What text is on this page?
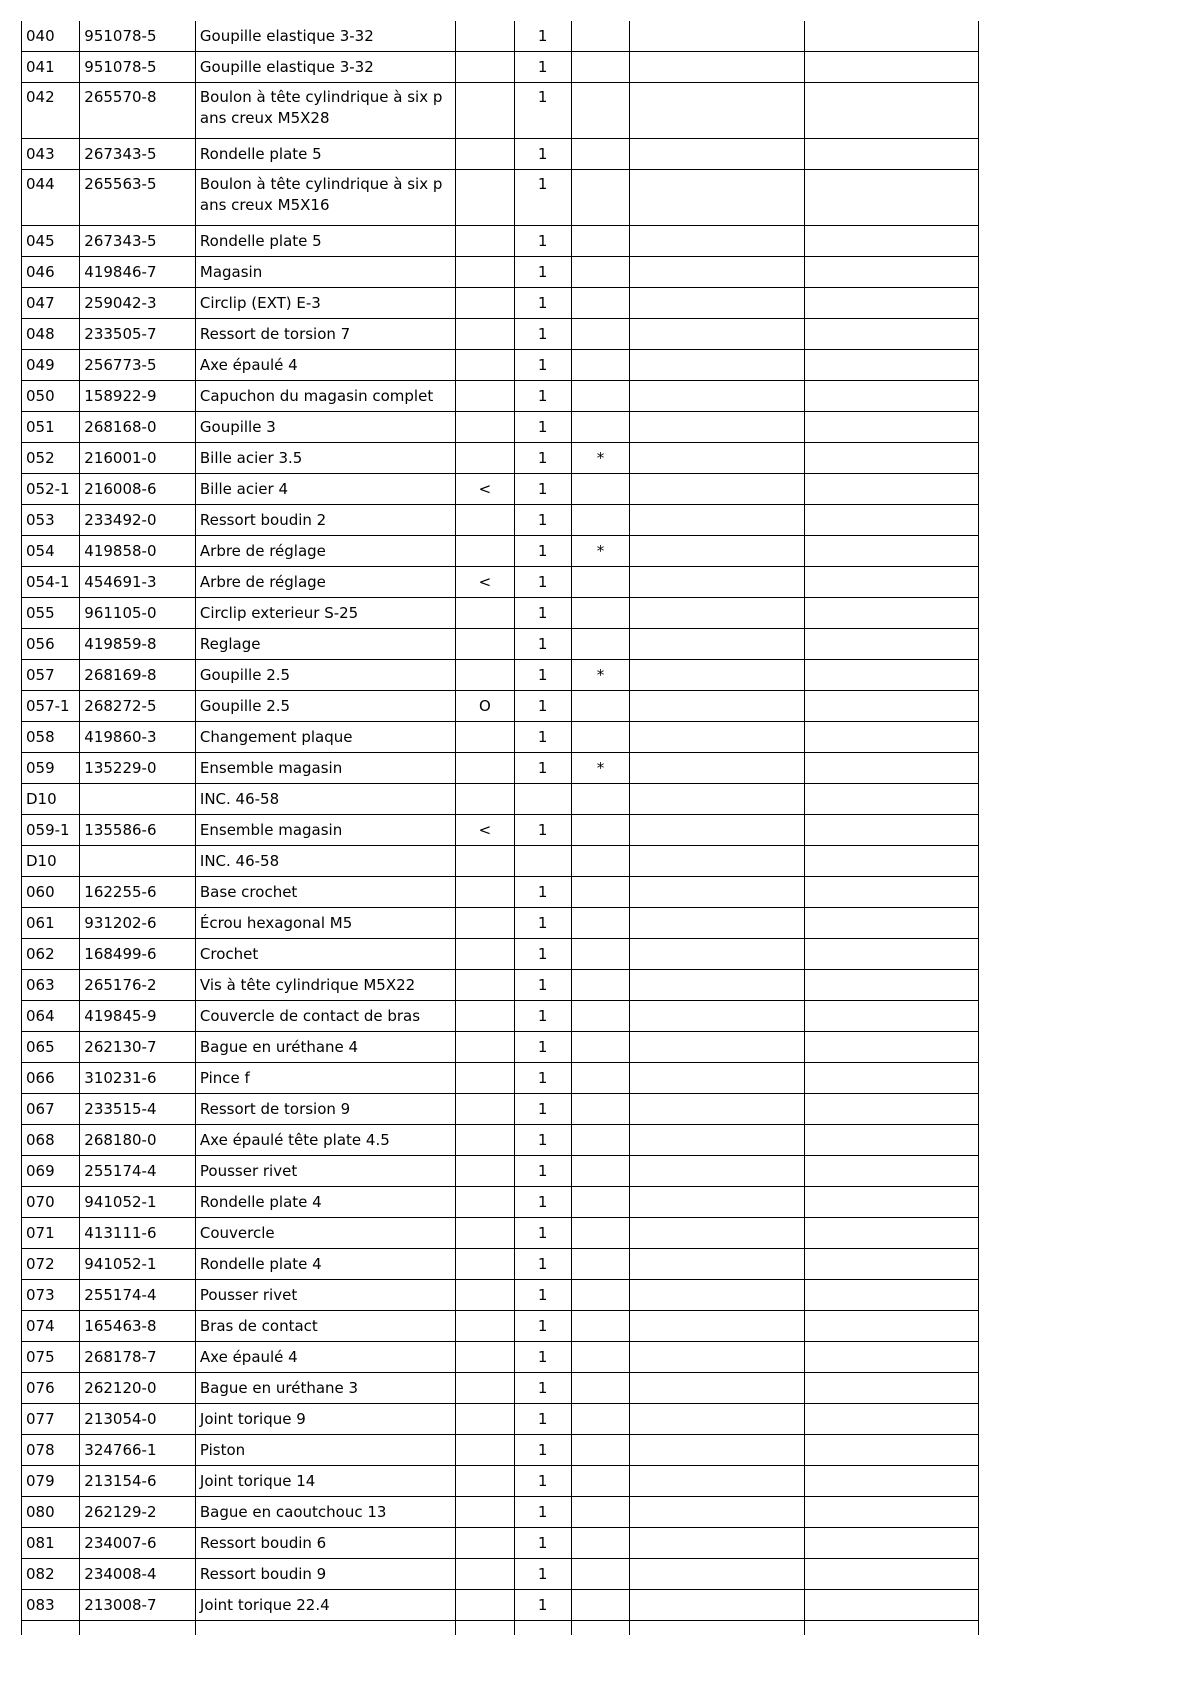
040	951078-5	Goupille elastique 3-32		1			
041	951078-5	Goupille elastique 3-32		1			
042	265570-8	Boulon à tête cylindrique à six pans creux M5X28		1			
043	267343-5	Rondelle plate 5		1			
044	265563-5	Boulon à tête cylindrique à six pans creux M5X16		1			
045	267343-5	Rondelle plate 5		1			
046	419846-7	Magasin		1			
047	259042-3	Circlip (EXT) E-3		1			
048	233505-7	Ressort de torsion 7		1			
049	256773-5	Axe épaulé 4		1			
050	158922-9	Capuchon du magasin complet		1			
051	268168-0	Goupille 3		1			
052	216001-0	Bille acier 3.5		1	*		
052-1	216008-6	Bille acier 4	<	1			
053	233492-0	Ressort boudin 2		1			
054	419858-0	Arbre de réglage		1	*		
054-1	454691-3	Arbre de réglage	<	1			
055	961105-0	Circlip exterieur S-25		1			
056	419859-8	Reglage		1			
057	268169-8	Goupille 2.5		1	*		
057-1	268272-5	Goupille 2.5	O	1			
058	419860-3	Changement plaque		1			
059	135229-0	Ensemble magasin		1	*		
D10		INC. 46-58					
059-1	135586-6	Ensemble magasin	<	1			
D10		INC. 46-58					
060	162255-6	Base crochet		1			
061	931202-6	Écrou hexagonal M5		1			
062	168499-6	Crochet		1			
063	265176-2	Vis à tête cylindrique M5X22		1			
064	419845-9	Couvercle de contact de bras		1			
065	262130-7	Bague en uréthane 4		1			
066	310231-6	Pince f		1			
067	233515-4	Ressort de torsion 9		1			
068	268180-0	Axe épaulé tête plate 4.5		1			
069	255174-4	Pousser rivet		1			
070	941052-1	Rondelle plate 4		1			
071	413111-6	Couvercle		1			
072	941052-1	Rondelle plate 4		1			
073	255174-4	Pousser rivet		1			
074	165463-8	Bras de contact		1			
075	268178-7	Axe épaulé 4		1			
076	262120-0	Bague en uréthane 3		1			
077	213054-0	Joint torique 9		1			
078	324766-1	Piston		1			
079	213154-6	Joint torique 14		1			
080	262129-2	Bague en caoutchouc 13		1			
081	234007-6	Ressort boudin 6		1			
082	234008-4	Ressort boudin 9		1			
083	213008-7	Joint torique 22.4		1			
